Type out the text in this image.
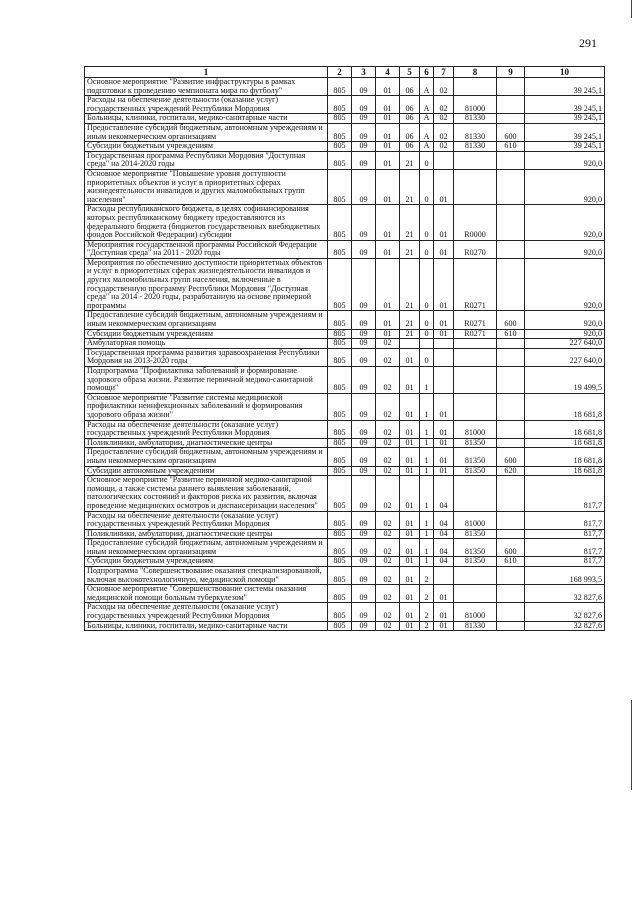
291
1	2	3	4	5	6	7	8	9	10
Основное мероприятие "Развитие инфраструктуры в рамках подготовки к проведению чемпионата мира по футболу"	805	09	01	06	А	02			39 245,1
Расходы на обеспечение деятельности (оказание услуг) государственных учреждений Республики Мордовия	805	09	01	06	А	02	81000		39 245,1
Больницы, клиники, госпитали, медико-санитарные части	805	09	01	06	А	02	81330		39 245,1
Предоставление субсидий бюджетным, автономным учреждениям и иным некоммерческим организациям	805	09	01	06	А	02	81330	600	39 245,1
Субсидии бюджетным учреждениям	805	09	01	06	А	02	81330	610	39 245,1
Государственная программа Республики Мордовия "Доступная среда" на 2014-2020 годы	805	09	01	21	0				920,0
Основное мероприятие "Повышение уровня доступности приоритетных объектов и услуг в приоритетных сферах жизнедеятельности инвалидов и других маломобильных групп населения"	805	09	01	21	0	01			920,0
Расходы республиканского бюджета, в целях софинансирования которых республиканскому бюджету предоставляются из федерального бюджета (бюджетов государственных внебюджетных фондов Российской Федерации) субсидии	805	09	01	21	0	01	R0000		920,0
Мероприятия государственной программы Российской Федерации "Доступная среда" на 2011 - 2020 годы	805	09	01	21	0	01	R0270		920,0
Мероприятия по обеспечению доступности приоритетных объектов и услуг в приоритетных сферах жизнедеятельности инвалидов и других маломобильных групп населения, включенные в государственную программу Республики Мордовия "Доступная среда" на 2014 - 2020 годы, разработанную на основе примерной программы	805	09	01	21	0	01	R0271		920,0
Предоставление субсидий бюджетным, автономным учреждениям и иным некоммерческим организациям	805	09	01	21	0	01	R0271	600	920,0
Субсидии бюджетным учреждениям	805	09	01	21	0	01	R0271	610	920,0
Амбулаторная помощь	805	09	02						227 640,0
Государственная программа развития здравоохранения Республики Мордовия на 2013-2020 годы	805	09	02	01	0				227 640,0
Подпрограмма "Профилактика заболеваний и формирование здорового образа жизни. Развитие первичной медико-санитарной помощи"	805	09	02	01	1				19 499,5
Основное мероприятие "Развитие системы медицинской профилактики неинфекционных заболеваний и формирования здорового образа жизни"	805	09	02	01	1	01			18 681,8
Расходы на обеспечение деятельности (оказание услуг) государственных учреждений Республики Мордовия	805	09	02	01	1	01	81000		18 681,8
Поликлиники, амбулатории, диагностические центры	805	09	02	01	1	01	81350		18 681,8
Предоставление субсидий бюджетным, автономным учреждениям и иным некоммерческим организациям	805	09	02	01	1	01	81350	600	18 681,8
Субсидии автономным учреждениям	805	09	02	01	1	01	81350	620	18 681,8
Основное мероприятие "Развитие первичной медико-санитарной помощи, а также системы раннего выявления заболеваний, патологических состояний и факторов риска их развития, включая проведение медицинских осмотров и диспансеризации населения"	805	09	02	01	1	04			817,7
Расходы на обеспечение деятельности (оказание услуг) государственных учреждений Республики Мордовия	805	09	02	01	1	04	81000		817,7
Поликлиники, амбулатории, диагностические центры	805	09	02	01	1	04	81350		817,7
Предоставление субсидий бюджетным, автономным учреждениям и иным некоммерческим организациям	805	09	02	01	1	04	81350	600	817,7
Субсидии бюджетным учреждениям	805	09	02	01	1	04	81350	610	817,7
Подпрограмма "Совершенствование оказания специализированной, включая высокотехнологичную, медицинской помощи"	805	09	02	01	2				168 993,5
Основное мероприятие "Совершенствование системы оказания медицинской помощи больным туберкулезом"	805	09	02	01	2	01			32 827,6
Расходы на обеспечение деятельности (оказание услуг) государственных учреждений Республики Мордовия	805	09	02	01	2	01	81000		32 827,6
Больницы, клиники, госпитали, медико-санитарные части	805	09	02	01	2	01	81330		32 827,6
